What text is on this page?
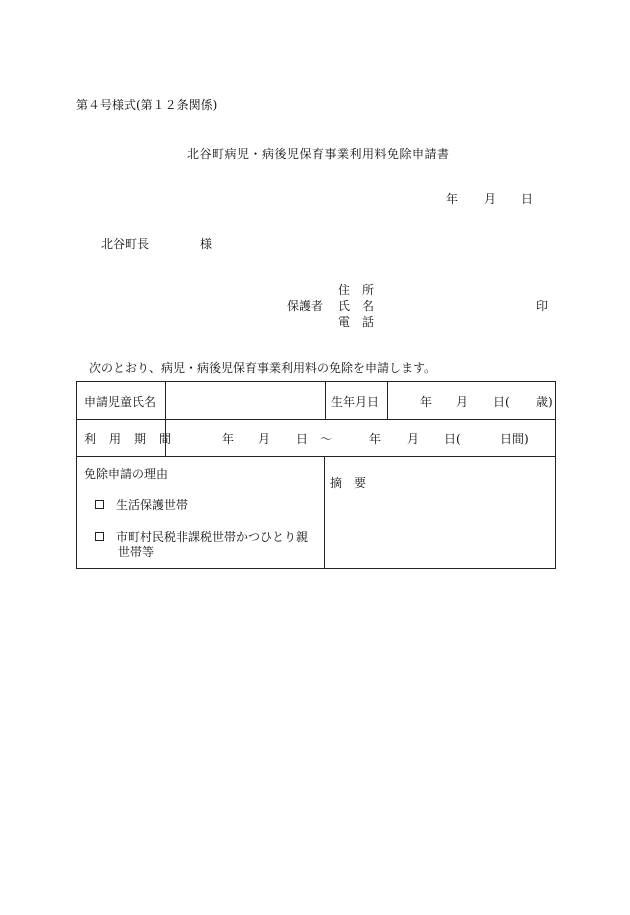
第４号様式(第１２条関係)
北谷町病児・病後児保育事業利用料免除申請書
年 月 日
北谷町長	様
住　所
保護者 氏　名	印
電　話
次のとおり、病児・病後児保育事業利用料の免除を申請します。
申請児童氏名	生年月日	年 月 日( 歳)
利　用　期　間	年 月 日 〜	年 月 日(	日間)
免除申請の理由
生活保護世帯
市町村民税非課税世帯かつひとり親
世帯等
摘　要
